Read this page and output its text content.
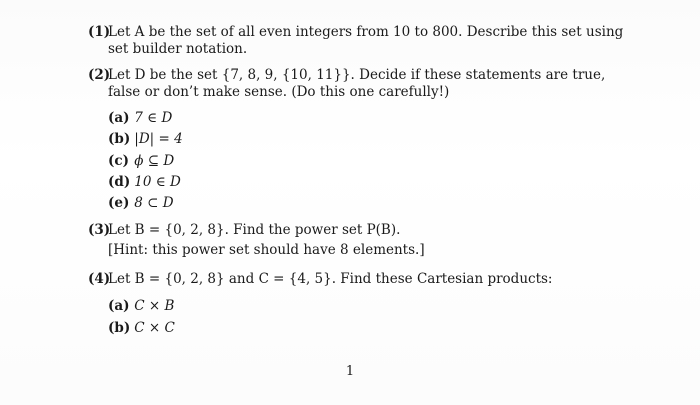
(1)
Let A be the set of all even integers from 10 to 800. Describe this set using set builder notation.
(2)
Let D be the set {7, 8, 9, {10, 11}}. Decide if these statements are true, false or don’t make sense. (Do this one carefully!)
(a) 7 ∈ D
(b) |D| = 4
(c) ϕ ⊆ D
(d) 10 ∈ D
(e) 8 ⊂ D
(3)
Let B = {0, 2, 8}. Find the power set P(B).
[Hint: this power set should have 8 elements.]
(4)
Let B = {0, 2, 8} and C = {4, 5}. Find these Cartesian products:
(a) C × B
(b) C × C
1
